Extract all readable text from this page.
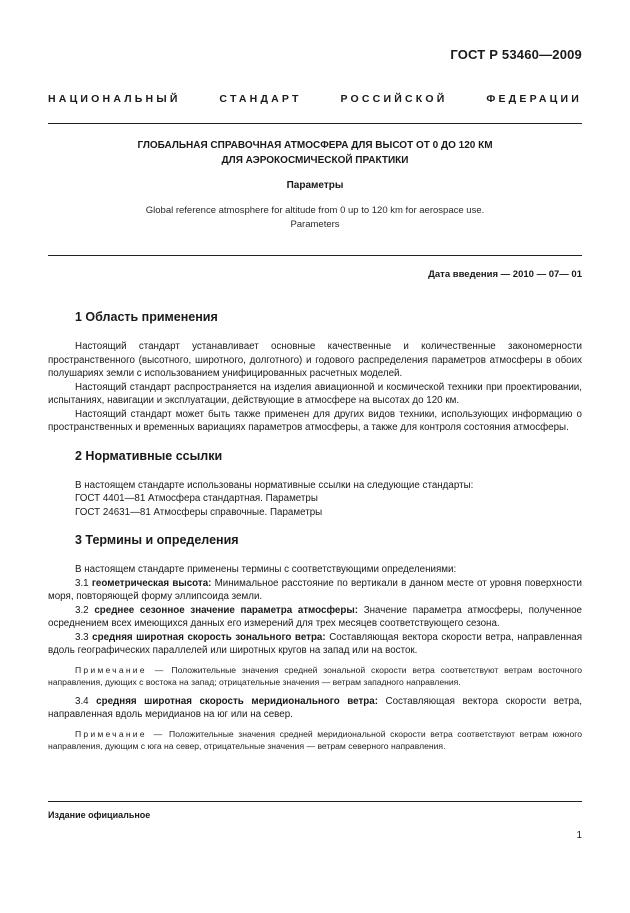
ГОСТ Р 53460—2009
НАЦИОНАЛЬНЫЙ СТАНДАРТ РОССИЙСКОЙ ФЕДЕРАЦИИ
ГЛОБАЛЬНАЯ СПРАВОЧНАЯ АТМОСФЕРА ДЛЯ ВЫСОТ ОТ 0 ДО 120 КМ
ДЛЯ АЭРОКОСМИЧЕСКОЙ ПРАКТИКИ
Параметры
Global reference atmosphere for altitude from 0 up to 120 km for aerospace use.
Parameters
Дата введения — 2010 — 07— 01
1 Область применения

Настоящий стандарт устанавливает основные качественные и количественные закономерности пространственного (высотного, широтного, долготного) и годового распределения параметров атмосферы в обоих полушариях земли с использованием унифицированных расчетных моделей.

Настоящий стандарт распространяется на изделия авиационной и космической техники при проектировании, испытаниях, навигации и эксплуатации, действующие в атмосфере на высотах до 120 км.

Настоящий стандарт может быть также применен для других видов техники, использующих информацию о пространственных и временных вариациях параметров атмосферы, а также для контроля состояния атмосферы.

2 Нормативные ссылки

В настоящем стандарте использованы нормативные ссылки на следующие стандарты:

ГОСТ 4401—81 Атмосфера стандартная. Параметры

ГОСТ 24631—81 Атмосферы справочные. Параметры

3 Термины и определения

В настоящем стандарте применены термины с соответствующими определениями:

3.1 геометрическая высота: Минимальное расстояние по вертикали в данном месте от уровня поверхности моря, повторяющей форму эллипсоида земли.

3.2 среднее сезонное значение параметра атмосферы: Значение параметра атмосферы, полученное осреднением всех имеющихся данных его измерений для трех месяцев соответствующего сезона.

3.3 средняя широтная скорость зонального ветра: Составляющая вектора скорости ветра, направленная вдоль географических параллелей или широтных кругов на запад или на восток.

Примечание — Положительные значения средней зональной скорости ветра соответствуют ветрам восточного направления, дующих с востока на запад; отрицательные значения — ветрам западного направления.

3.4 средняя широтная скорость меридионального ветра: Составляющая вектора скорости ветра, направленная вдоль меридианов на юг или на север.

Примечание — Положительные значения средней меридиональной скорости ветра соответствуют ветрам южного направления, дующим с юга на север, отрицательные значения — ветрам северного направления.

Издание официальное
1
